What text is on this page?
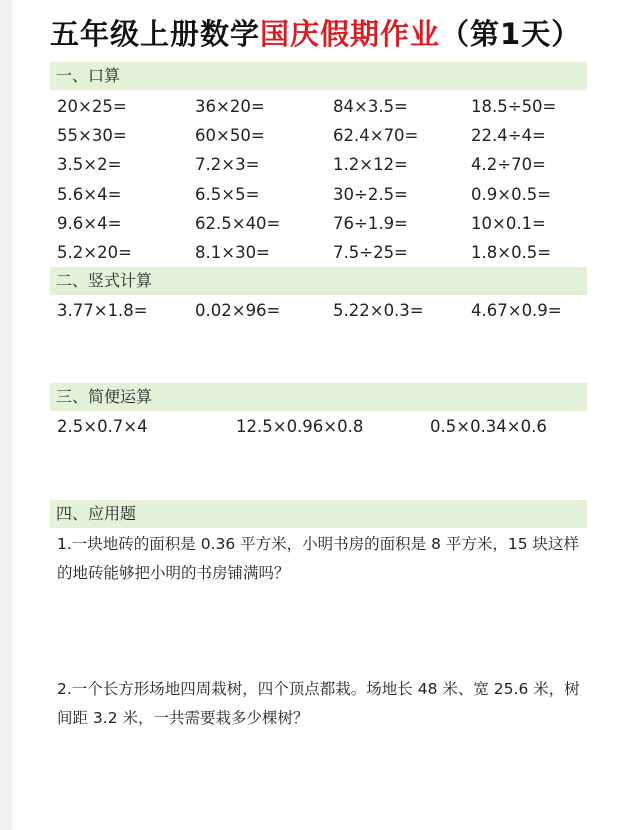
五年级上册数学国庆假期作业（第1天）
一、口算
20×25=	36×20=	84×3.5=	18.5÷50=
55×30=	60×50=	62.4×70=	22.4÷4=
3.5×2=	7.2×3=	1.2×12=	4.2÷70=
5.6×4=	6.5×5=	30÷2.5=	0.9×0.5=
9.6×4=	62.5×40=	76÷1.9=	10×0.1=
5.2×20=	8.1×30=	7.5÷25=	1.8×0.5=
二、竖式计算
3.77×1.8=	0.02×96=	5.22×0.3=	4.67×0.9=
三、简便运算
2.5×0.7×4	12.5×0.96×0.8	0.5×0.34×0.6
四、应用题
1.一块地砖的面积是 0.36 平方米，小明书房的面积是 8 平方米，15 块这样的地砖能够把小明的书房铺满吗？
2.一个长方形场地四周栽树，四个顶点都栽。场地长 48 米、宽 25.6 米，树间距 3.2 米，一共需要栽多少棵树？
